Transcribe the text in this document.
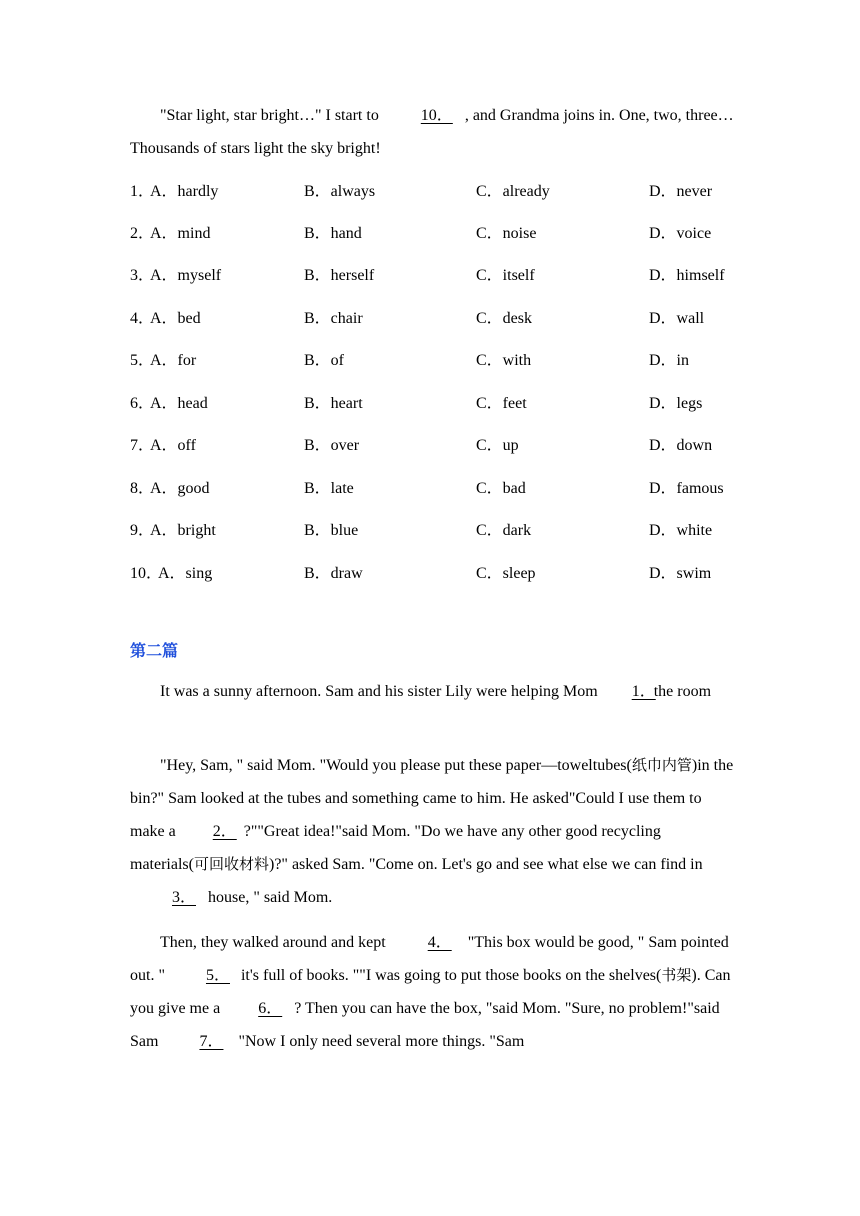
"Star light, star bright…" I start to	10． , and Grandma joins in. One, two, three…Thousands of stars light the sky bright!

1．
A．hardly	B．always	C．already	D．never
2．
A．mind	B．hand	C．noise	D．voice
3．
A．myself	B．herself	C．itself	D．himself
4．
A．bed	B．chair	C．desk	D．wall
5．
A．for	B．of	C．with	D．in
6．
A．head	B．heart	C．feet	D．legs
7．
A．off	B．over	C．up	D．down
8．
A．good	B．late	C．bad	D．famous
9．
A．bright	B．blue	C．dark	D．white
10．
A．sing	B．draw	C．sleep	D．swim
第二篇

It was a sunny afternoon. Sam and his sister Lily were helping Mom 1．the room

"Hey, Sam, " said Mom. "Would you please put these paper—toweltubes(纸巾内管)in the bin?" Sam looked at the tubes and something came to him. He asked"Could I use them to make a 2． ?""Great idea!"said Mom. "Do we have any other good recycling materials(可回收材料)?" asked Sam. "Come on. Let's go and see what else we can find in3． house, " said Mom.

Then, they walked around and kept	4． "This box would be good, " Sam pointed out. "	5． it's full of books. ""I was going to put those books on the shelves(书架). Can you give me a 6． ? Then you can have the box, "said Mom. "Sure, no problem!"said Sam	7． "Now I only need several more things. "Sam
